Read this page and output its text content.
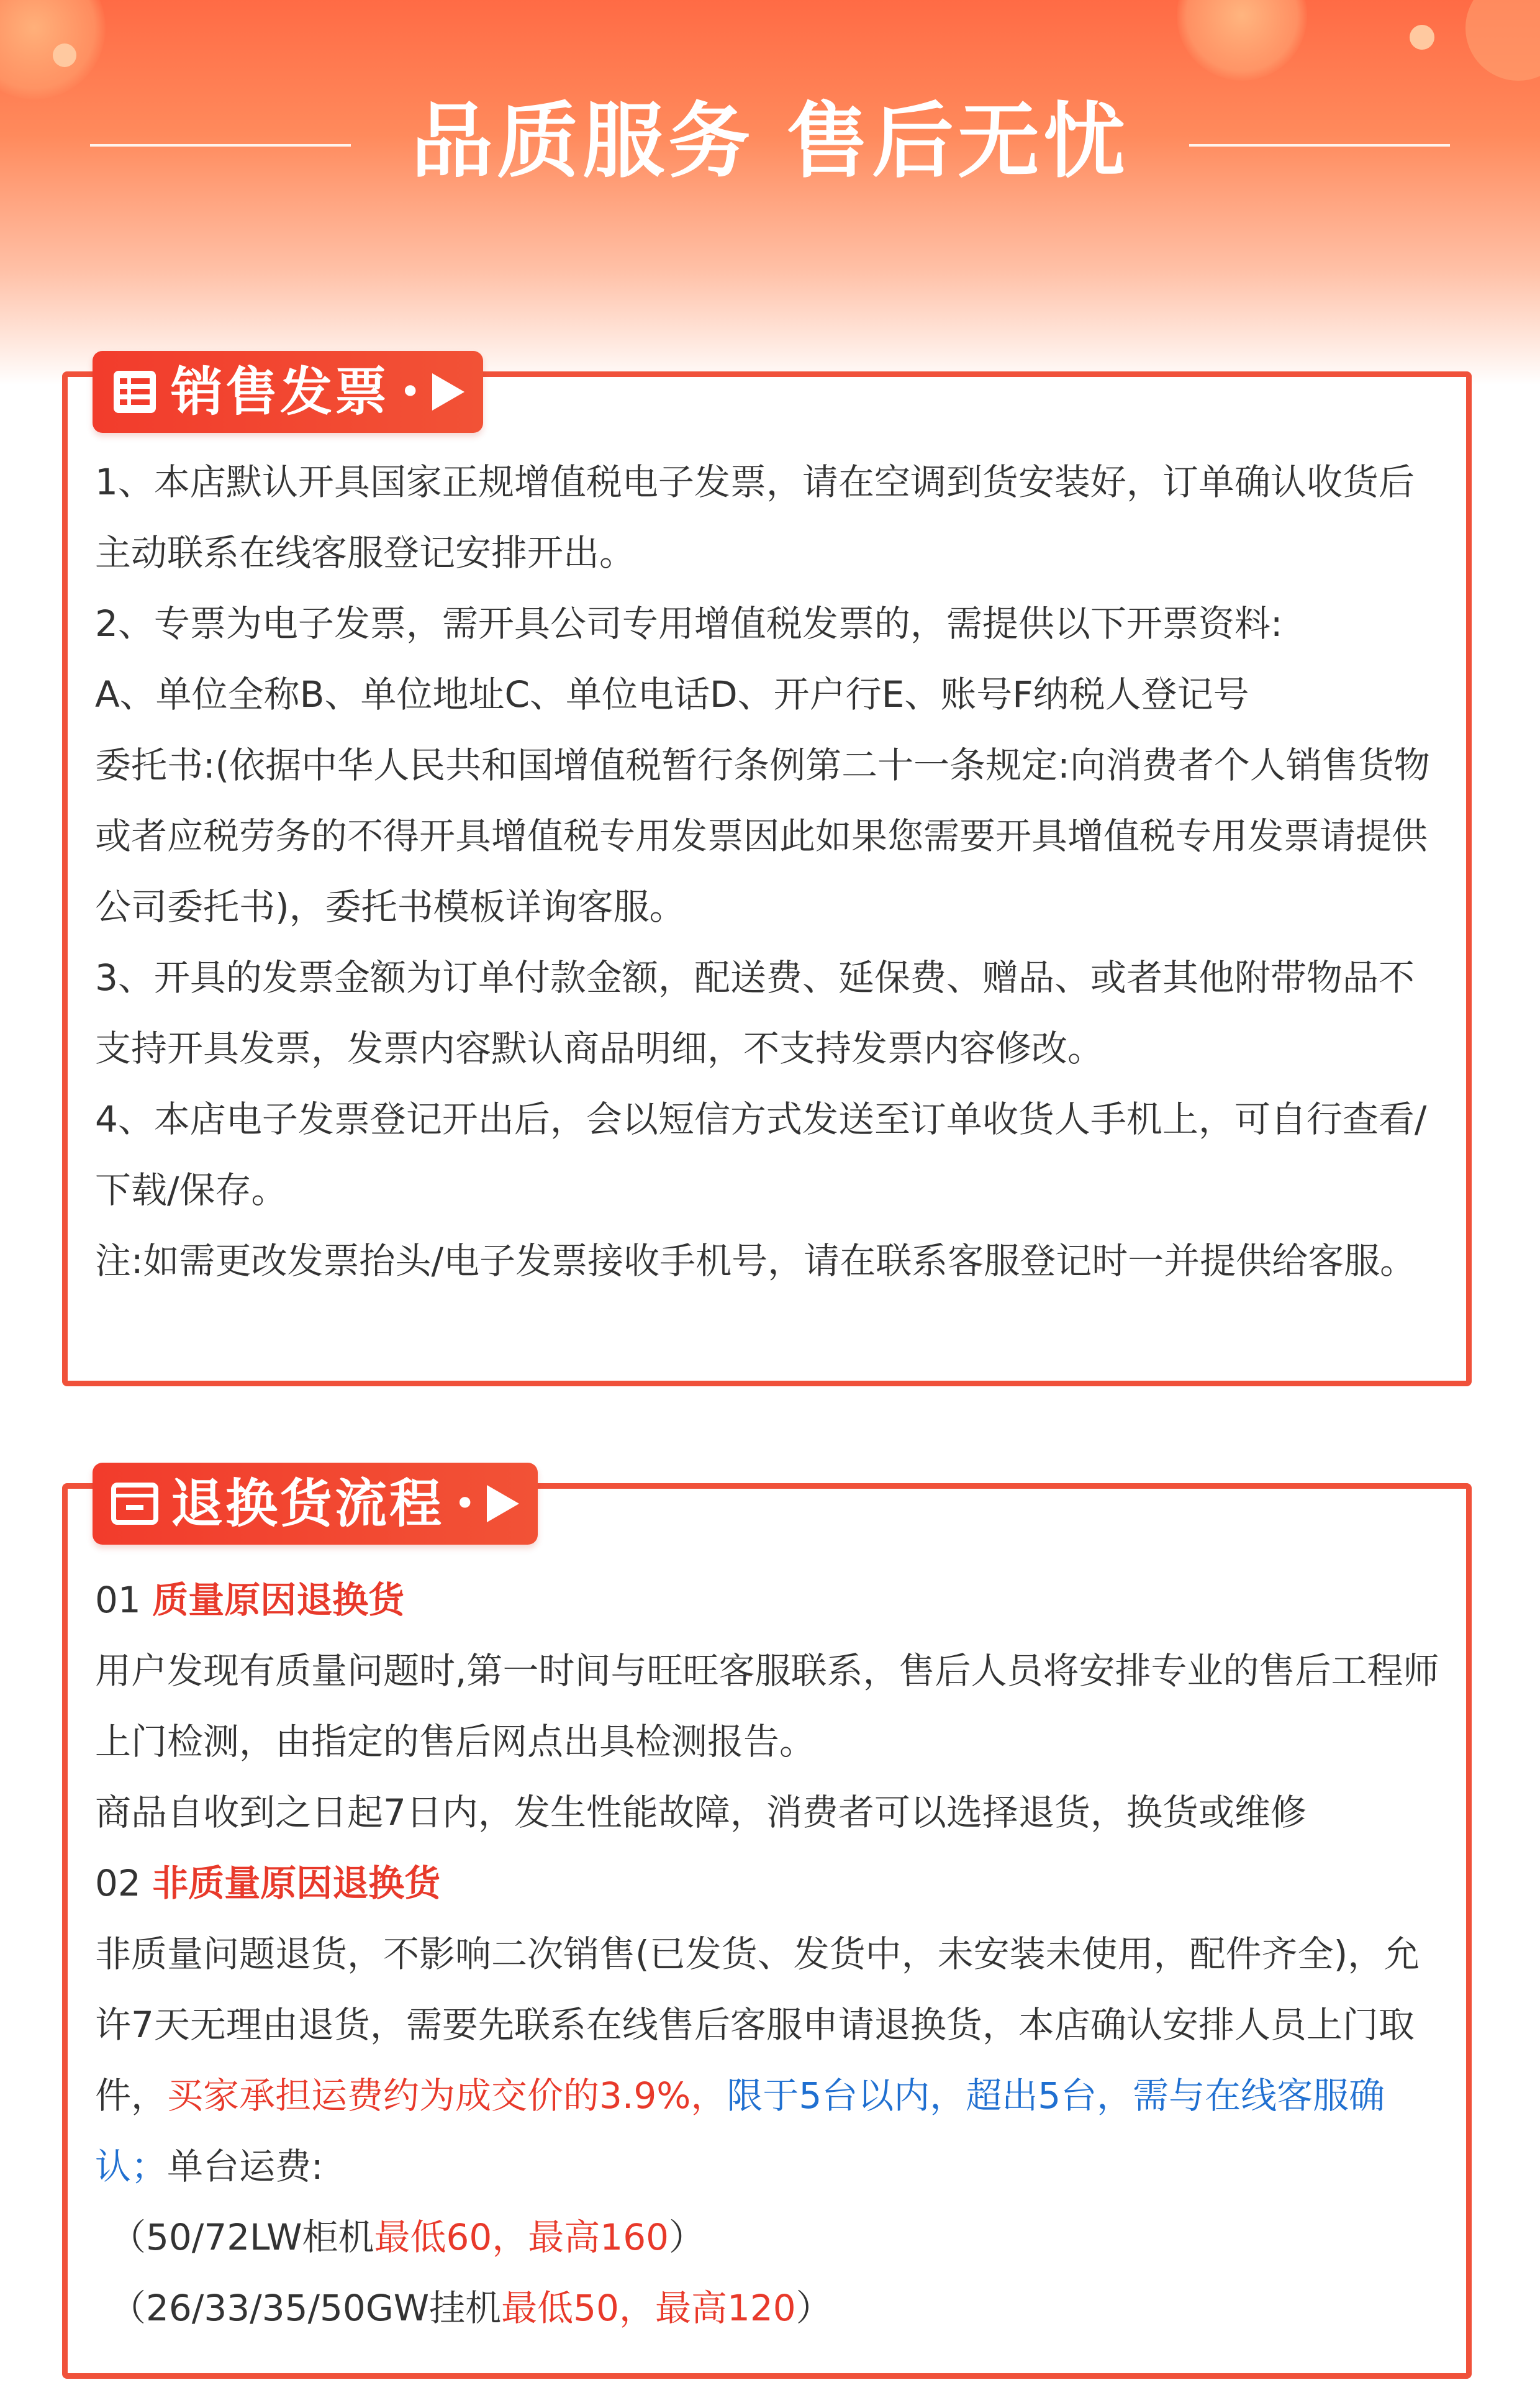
品质服务 售后无忧
销售发票 •

1、本店默认开具国家正规增值税电子发票，请在空调到货安装好，订单确认收货后主动联系在线客服登记安排开出。

2、专票为电子发票，需开具公司专用增值税发票的，需提供以下开票资料:

A、单位全称B、单位地址C、单位电话D、开户行E、账号F纳税人登记号

委托书:(依据中华人民共和国增值税暂行条例第二十一条规定:向消费者个人销售货物或者应税劳务的不得开具增值税专用发票因此如果您需要开具增值税专用发票请提供公司委托书)，委托书模板详询客服。

3、开具的发票金额为订单付款金额，配送费、延保费、赠品、或者其他附带物品不支持开具发票，发票内容默认商品明细，不支持发票内容修改。

4、本店电子发票登记开出后，会以短信方式发送至订单收货人手机上，可自行查看/下载/保存。

注:如需更改发票抬头/电子发票接收手机号，请在联系客服登记时一并提供给客服。

退换货流程 •

01 质量原因退换货

用户发现有质量问题时,第一时间与旺旺客服联系，售后人员将安排专业的售后工程师上门检测，由指定的售后网点出具检测报告。

商品自收到之日起7日内，发生性能故障，消费者可以选择退货，换货或维修

02 非质量原因退换货

非质量问题退货，不影响二次销售(已发货、发货中，未安装未使用，配件齐全)，允许7天无理由退货，需要先联系在线售后客服申请退换货，本店确认安排人员上门取件，买家承担运费约为成交价的3.9%，限于5台以内，超出5台，需与在线客服确认；单台运费:

（50/72LW柜机最低60，最高160）

（26/33/35/50GW挂机最低50，最高120）
